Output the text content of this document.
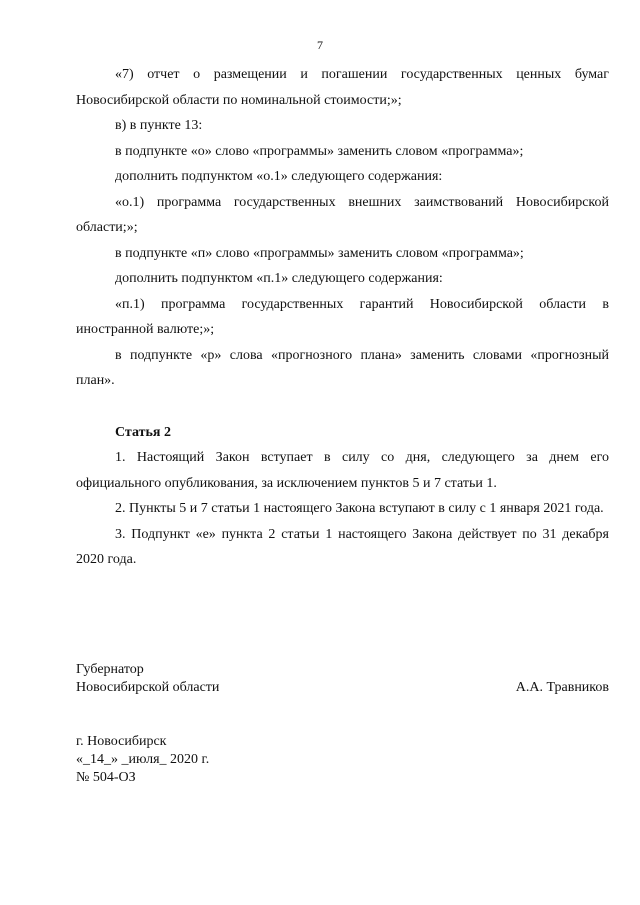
7

«7) отчет о размещении и погашении государственных ценных бумаг Новосибирской области по номинальной стоимости;»;

в) в пункте 13:

в подпункте «о» слово «программы» заменить словом «программа»;

дополнить подпунктом «о.1» следующего содержания:

«о.1) программа государственных внешних заимствований Новосибирской области;»;

в подпункте «п» слово «программы» заменить словом «программа»;

дополнить подпунктом «п.1» следующего содержания:

«п.1) программа государственных гарантий Новосибирской области в иностранной валюте;»;

в подпункте «р» слова «прогнозного плана» заменить словами «прогнозный план».

Статья 2

1. Настоящий Закон вступает в силу со дня, следующего за днем его официального опубликования, за исключением пунктов 5 и 7 статьи 1.

2. Пункты 5 и 7 статьи 1 настоящего Закона вступают в силу с 1 января 2021 года.

3. Подпункт «е» пункта 2 статьи 1 настоящего Закона действует по 31 декабря 2020 года.

Губернатор
Новосибирской области	А.А. Травников
г. Новосибирск
«_14_» _июля_ 2020 г.
№ 504-ОЗ
